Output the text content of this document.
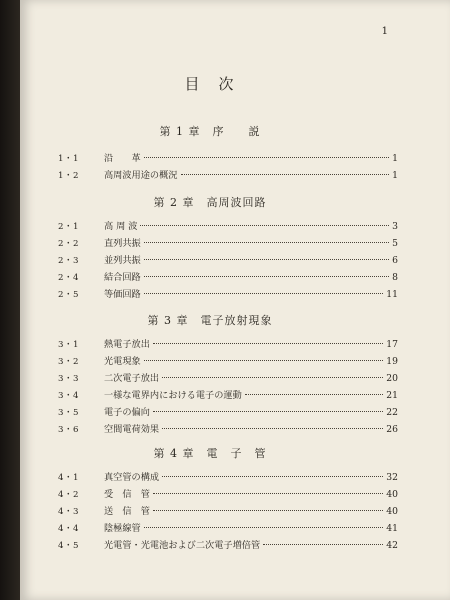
1
目　次
第 1 章　序　　説
1・1	沿　　革	1
1・2	高周波用途の概況	1
第 2 章　高周波回路
2・1	高 周 波	3
2・2	直列共振	5
2・3	並列共振	6
2・4	結合回路	8
2・5	等価回路	11
第 3 章　電子放射現象
3・1	熱電子放出	17
3・2	光電現象	19
3・3	二次電子放出	20
3・4	一様な電界内における電子の運動	21
3・5	電子の偏向	22
3・6	空間電荷効果	26
第 4 章　電　子　管
4・1	真空管の構成	32
4・2	受　信　管	40
4・3	送　信　管	40
4・4	陰極線管	41
4・5	光電管・光電池および二次電子増倍管	42
